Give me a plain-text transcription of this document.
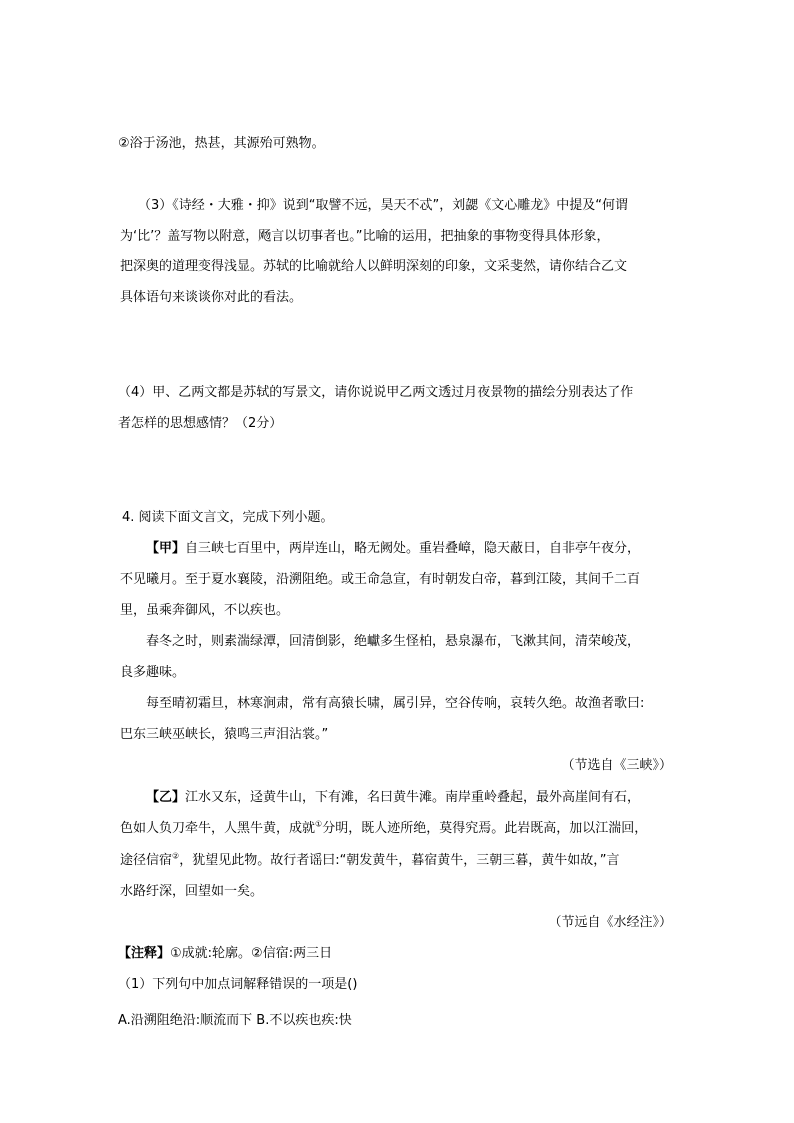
②浴于汤池，热甚，其源殆可熟物。
（3）《诗经・大雅・抑》说到“取譬不远，昊天不忒”，刘勰《文心雕龙》中提及“何谓
为‘比’？盖写物以附意，飏言以切事者也。”比喻的运用，把抽象的事物变得具体形象，
把深奥的道理变得浅显。苏轼的比喻就给人以鲜明深刻的印象，文采斐然，请你结合乙文
具体语句来谈谈你对此的看法。
（4）甲、乙两文都是苏轼的写景文，请你说说甲乙两文透过月夜景物的描绘分别表达了作
者怎样的思想感情？（2分）
4. 阅读下面文言文，完成下列小题。
【甲】自三峡七百里中，两岸连山，略无阙处。重岩叠嶂，隐天蔽日，自非亭午夜分，
不见曦月。至于夏水襄陵，沿溯阻绝。或王命急宣，有时朝发白帝，暮到江陵，其间千二百
里，虽乘奔御风，不以疾也。
春冬之时，则素湍绿潭，回清倒影，绝巘多生怪柏，悬泉瀑布，飞漱其间，清荣峻茂，
良多趣味。
每至晴初霜旦，林寒涧肃，常有高猿长啸，属引异，空谷传响，哀转久绝。故渔者歌曰:
巴东三峡巫峡长，猿鸣三声泪沾裳。”
（节选自《三峡》）
【乙】江水又东，迳黄牛山，下有滩，名曰黄牛滩。南岸重岭叠起，最外高崖间有石，
色如人负刀牵牛，人黑牛黄，成就①分明，既人迹所绝，莫得究焉。此岩既高，加以江湍回，
途径信宿②，犹望见此物。故行者谣曰:“朝发黄牛，暮宿黄牛，三朝三暮，黄牛如故，”言
水路纡深，回望如一矣。
（节远自《水经注》）
【注释】①成就:轮廓。②信宿:两三日
（1）下列句中加点词解释错误的一项是()
A.沿溯阻绝沿:顺流而下 B.不以疾也疾:快
